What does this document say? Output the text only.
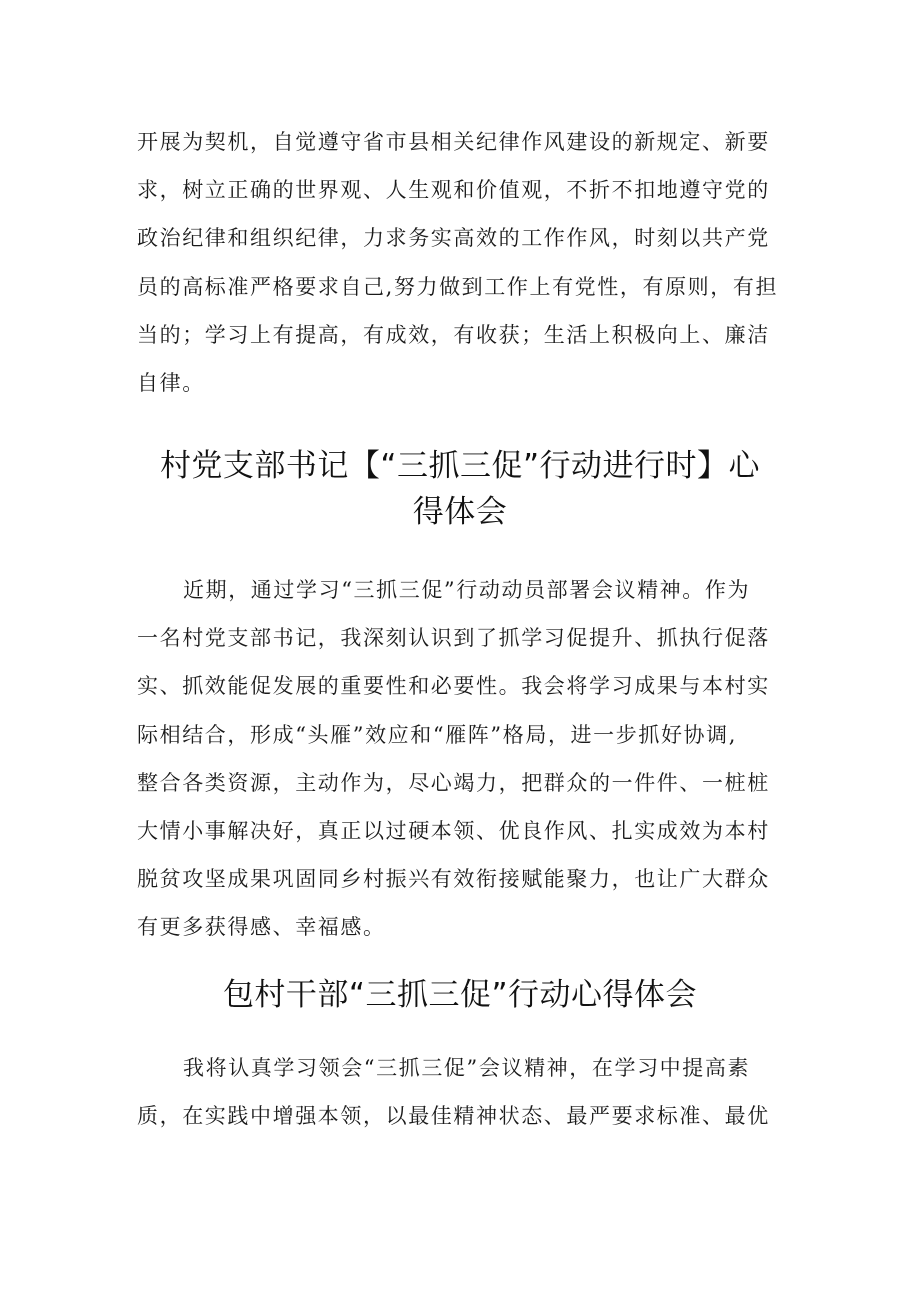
开展为契机，自觉遵守省市县相关纪律作风建设的新规定、新要
求，树立正确的世界观、人生观和价值观，不折不扣地遵守党的
政治纪律和组织纪律，力求务实高效的工作作风，时刻以共产党
员的高标准严格要求自己,努力做到工作上有党性，有原则，有担
当的；学习上有提高，有成效，有收获；生活上积极向上、廉洁
自律。
村党支部书记【“三抓三促”行动进行时】心
得体会
近期，通过学习“三抓三促”行动动员部署会议精神。作为
一名村党支部书记，我深刻认识到了抓学习促提升、抓执行促落
实、抓效能促发展的重要性和必要性。我会将学习成果与本村实
际相结合，形成“头雁”效应和“雁阵”格局，进一步抓好协调,
整合各类资源，主动作为，尽心竭力，把群众的一件件、一桩桩
大情小事解决好，真正以过硬本领、优良作风、扎实成效为本村
脱贫攻坚成果巩固同乡村振兴有效衔接赋能聚力，也让广大群众
有更多获得感、幸福感。
包村干部“三抓三促”行动心得体会
我将认真学习领会“三抓三促”会议精神，在学习中提高素
质，在实践中增强本领，以最佳精神状态、最严要求标准、最优
